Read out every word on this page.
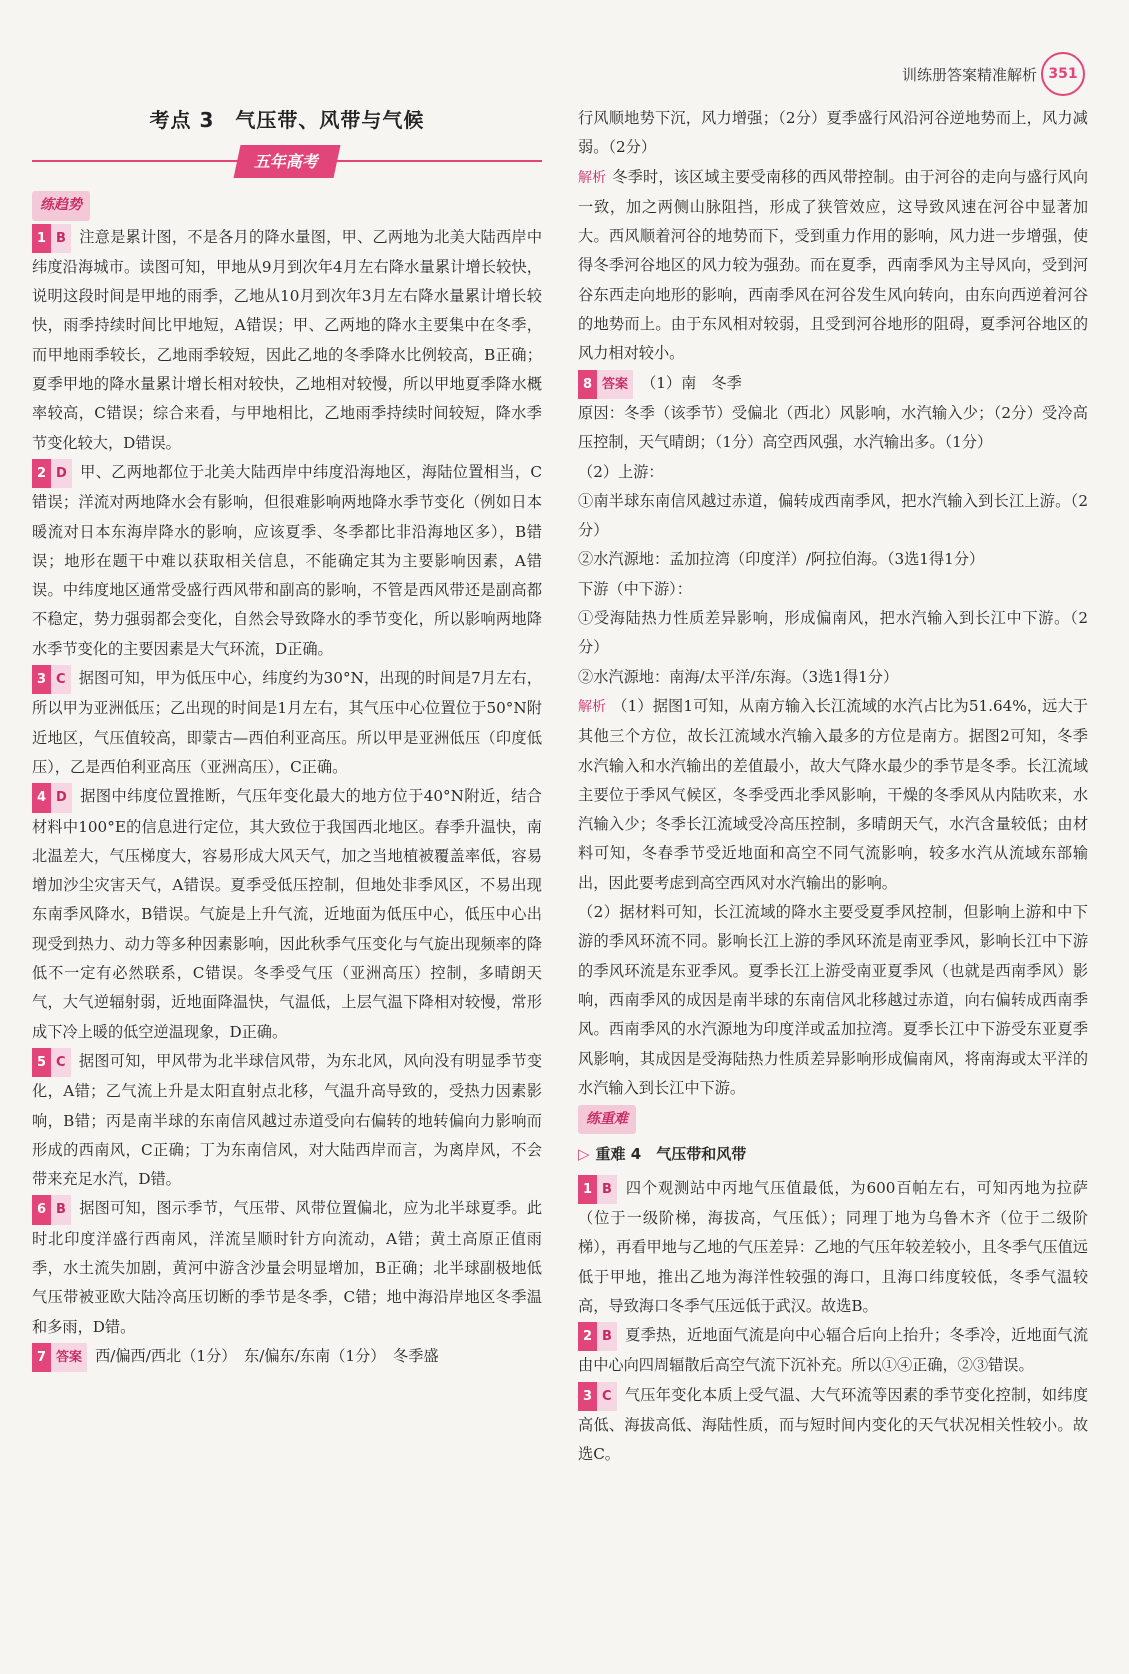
训练册答案精准解析 351
考点 3　气压带、风带与气候
五年高考
练趋势

1 B 注意是累计图，不是各月的降水量图，甲、乙两地为北美大陆西岸中纬度沿海城市。读图可知，甲地从9月到次年4月左右降水量累计增长较快，说明这段时间是甲地的雨季，乙地从10月到次年3月左右降水量累计增长较快，雨季持续时间比甲地短，A错误；甲、乙两地的降水主要集中在冬季，而甲地雨季较长，乙地雨季较短，因此乙地的冬季降水比例较高，B正确；夏季甲地的降水量累计增长相对较快，乙地相对较慢，所以甲地夏季降水概率较高，C错误；综合来看，与甲地相比，乙地雨季持续时间较短，降水季节变化较大，D错误。

2 D 甲、乙两地都位于北美大陆西岸中纬度沿海地区，海陆位置相当，C错误；洋流对两地降水会有影响，但很难影响两地降水季节变化（例如日本暖流对日本东海岸降水的影响，应该夏季、冬季都比非沿海地区多），B错误；地形在题干中难以获取相关信息，不能确定其为主要影响因素，A错误。中纬度地区通常受盛行西风带和副高的影响，不管是西风带还是副高都不稳定，势力强弱都会变化，自然会导致降水的季节变化，所以影响两地降水季节变化的主要因素是大气环流，D正确。

3 C 据图可知，甲为低压中心，纬度约为30°N，出现的时间是7月左右，所以甲为亚洲低压；乙出现的时间是1月左右，其气压中心位置位于50°N附近地区，气压值较高，即蒙古—西伯利亚高压。所以甲是亚洲低压（印度低压），乙是西伯利亚高压（亚洲高压），C正确。

4 D 据图中纬度位置推断，气压年变化最大的地方位于40°N附近，结合材料中100°E的信息进行定位，其大致位于我国西北地区。春季升温快，南北温差大，气压梯度大，容易形成大风天气，加之当地植被覆盖率低，容易增加沙尘灾害天气，A错误。夏季受低压控制，但地处非季风区，不易出现东南季风降水，B错误。气旋是上升气流，近地面为低压中心，低压中心出现受到热力、动力等多种因素影响，因此秋季气压变化与气旋出现频率的降低不一定有必然联系，C错误。冬季受气压（亚洲高压）控制，多晴朗天气，大气逆辐射弱，近地面降温快，气温低，上层气温下降相对较慢，常形成下冷上暖的低空逆温现象，D正确。

5 C 据图可知，甲风带为北半球信风带，为东北风，风向没有明显季节变化，A错；乙气流上升是太阳直射点北移，气温升高导致的，受热力因素影响，B错；丙是南半球的东南信风越过赤道受向右偏转的地转偏向力影响而形成的西南风，C正确；丁为东南信风，对大陆西岸而言，为离岸风，不会带来充足水汽，D错。

6 B 据图可知，图示季节，气压带、风带位置偏北，应为北半球夏季。此时北印度洋盛行西南风，洋流呈顺时针方向流动，A错；黄土高原正值雨季，水土流失加剧，黄河中游含沙量会明显增加，B正确；北半球副极地低气压带被亚欧大陆冷高压切断的季节是冬季，C错；地中海沿岸地区冬季温和多雨，D错。

7 答案 西/偏西/西北（1分）　东/偏东/东南（1分）　冬季盛

行风顺地势下沉，风力增强；（2分）夏季盛行风沿河谷逆地势而上，风力减弱。（2分）

解析 冬季时，该区域主要受南移的西风带控制。由于河谷的走向与盛行风向一致，加之两侧山脉阻挡，形成了狭管效应，这导致风速在河谷中显著加大。西风顺着河谷的地势而下，受到重力作用的影响，风力进一步增强，使得冬季河谷地区的风力较为强劲。而在夏季，西南季风为主导风向，受到河谷东西走向地形的影响，西南季风在河谷发生风向转向，由东向西逆着河谷的地势而上。由于东风相对较弱，且受到河谷地形的阻碍，夏季河谷地区的风力相对较小。

8 答案 （1）南　冬季

原因：冬季（该季节）受偏北（西北）风影响，水汽输入少；（2分）受冷高压控制，天气晴朗；（1分）高空西风强，水汽输出多。（1分）

（2）上游：

①南半球东南信风越过赤道，偏转成西南季风，把水汽输入到长江上游。（2分）

②水汽源地：孟加拉湾（印度洋）/阿拉伯海。（3选1得1分）

下游（中下游）：

①受海陆热力性质差异影响，形成偏南风，把水汽输入到长江中下游。（2分）

②水汽源地：南海/太平洋/东海。（3选1得1分）

解析 （1）据图1可知，从南方输入长江流域的水汽占比为51.64%，远大于其他三个方位，故长江流域水汽输入最多的方位是南方。据图2可知，冬季水汽输入和水汽输出的差值最小，故大气降水最少的季节是冬季。长江流域主要位于季风气候区，冬季受西北季风影响，干燥的冬季风从内陆吹来，水汽输入少；冬季长江流域受冷高压控制，多晴朗天气，水汽含量较低；由材料可知，冬春季节受近地面和高空不同气流影响，较多水汽从流域东部输出，因此要考虑到高空西风对水汽输出的影响。

（2）据材料可知，长江流域的降水主要受夏季风控制，但影响上游和中下游的季风环流不同。影响长江上游的季风环流是南亚季风，影响长江中下游的季风环流是东亚季风。夏季长江上游受南亚夏季风（也就是西南季风）影响，西南季风的成因是南半球的东南信风北移越过赤道，向右偏转成西南季风。西南季风的水汽源地为印度洋或孟加拉湾。夏季长江中下游受东亚夏季风影响，其成因是受海陆热力性质差异影响形成偏南风，将南海或太平洋的水汽输入到长江中下游。

练重难
▷ 重难 4　气压带和风带

1 B 四个观测站中丙地气压值最低，为600百帕左右，可知丙地为拉萨（位于一级阶梯，海拔高，气压低）；同理丁地为乌鲁木齐（位于二级阶梯），再看甲地与乙地的气压差异：乙地的气压年较差较小，且冬季气压值远低于甲地，推出乙地为海洋性较强的海口，且海口纬度较低，冬季气温较高，导致海口冬季气压远低于武汉。故选B。

2 B 夏季热，近地面气流是向中心辐合后向上抬升；冬季冷，近地面气流由中心向四周辐散后高空气流下沉补充。所以①④正确，②③错误。

3 C 气压年变化本质上受气温、大气环流等因素的季节变化控制，如纬度高低、海拔高低、海陆性质，而与短时间内变化的天气状况相关性较小。故选C。
